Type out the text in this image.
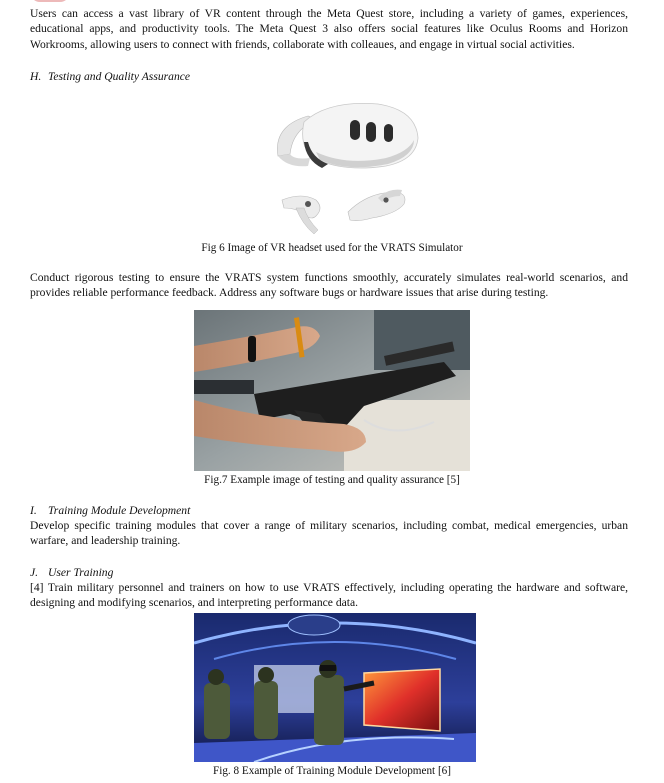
Users can access a vast library of VR content through the Meta Quest store, including a variety of games, experiences, educational apps, and productivity tools. The Meta Quest 3 also offers social features like Oculus Rooms and Horizon Workrooms, allowing users to connect with friends, collaborate with colleaues, and engage in virtual social activities.

H. Testing and Quality Assurance

Fig 6 Image of VR headset used for the VRATS Simulator

Conduct rigorous testing to ensure the VRATS system functions smoothly, accurately simulates real-world scenarios, and provides reliable performance feedback. Address any software bugs or hardware issues that arise during testing.

Fig.7 Example image of testing and quality assurance [5]

I. Training Module Development

Develop specific training modules that cover a range of military scenarios, including combat, medical emergencies, urban warfare, and leadership training.

J. User Training

[4] Train military personnel and trainers on how to use VRATS effectively, including operating the hardware and software, designing and modifying scenarios, and interpreting performance data.

Fig. 8 Example of Training Module Development [6]
